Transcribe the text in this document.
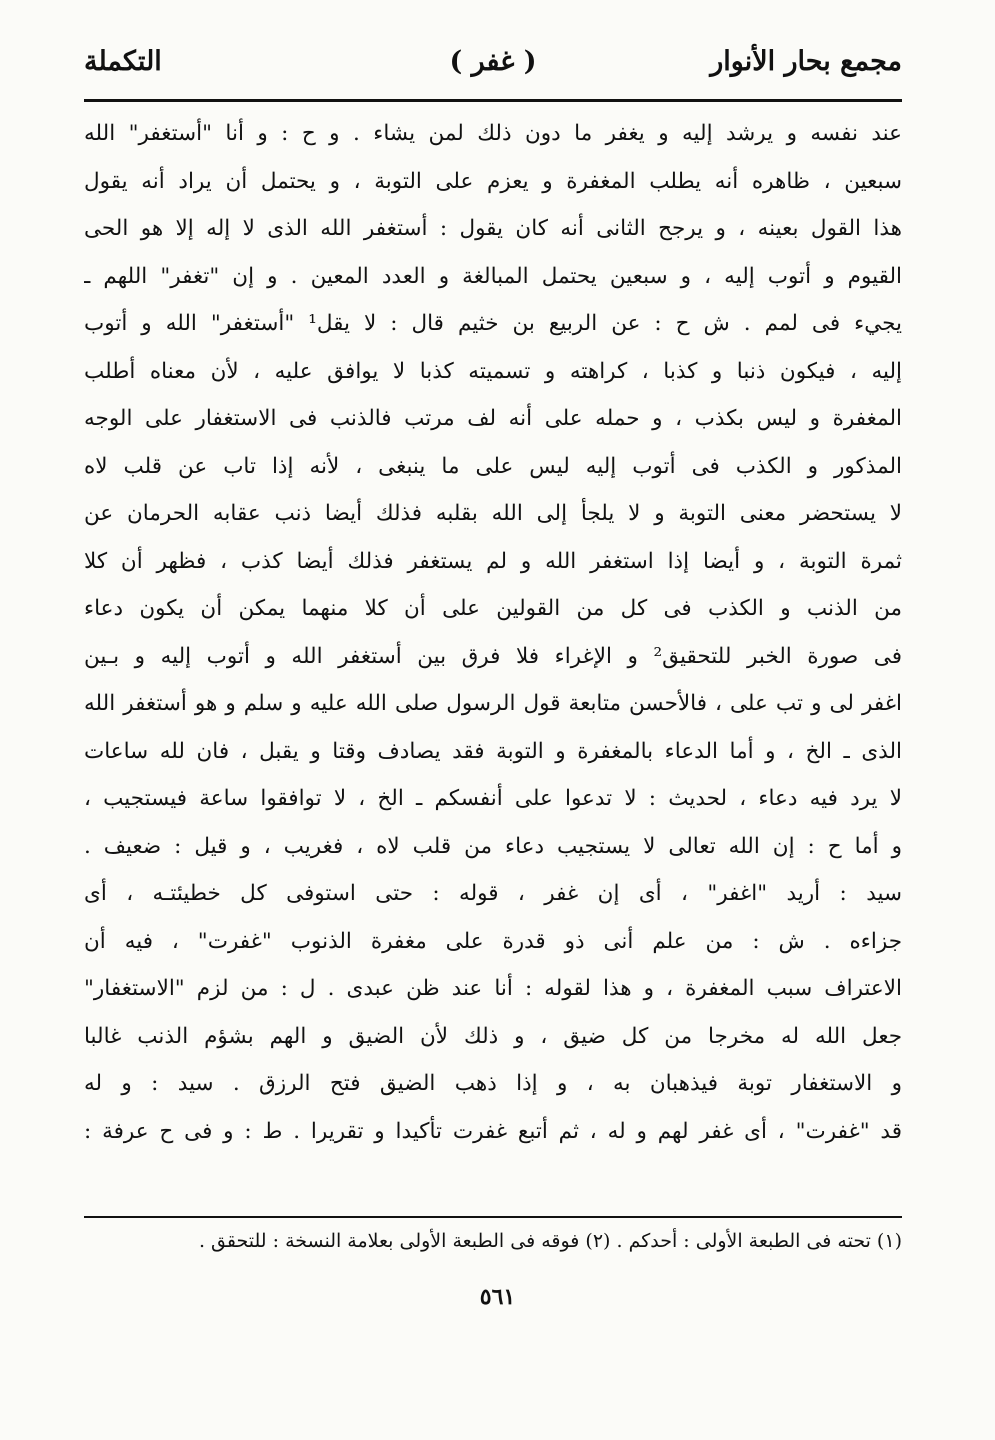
مجمع بحار الأنوار
( غفر )
التكملة
عند نفسه و يرشد إليه و يغفر ما دون ذلك لمن يشاء . و ح : و أنا "أستغفر" الله
سبعين ، ظاهره أنه يطلب المغفرة و يعزم على التوبة ، و يحتمل أن يراد أنه يقول
هذا القول بعينه ، و يرجح الثانى أنه كان يقول : أستغفر الله الذى لا إله إلا هو الحى
القيوم و أتوب إليه ، و سبعين يحتمل المبالغة و العدد المعين . و إن "تغفر" اللهم ـ
يجيء فى لمم . ش ح : عن الربيع بن خثيم قال : لا يقل¹ "أستغفر" الله و أتوب
إليه ، فيكون ذنبا و كذبا ، كراهته و تسميته كذبا لا يوافق عليه ، لأن معناه أطلب
المغفرة و ليس بكذب ، و حمله على أنه لف مرتب فالذنب فى الاستغفار على الوجه
المذكور و الكذب فى أتوب إليه ليس على ما ينبغى ، لأنه إذا تاب عن قلب لاه
لا يستحضر معنى التوبة و لا يلجأ إلى الله بقلبه فذلك أيضا ذنب عقابه الحرمان عن
ثمرة التوبة ، و أيضا إذا استغفر الله و لم يستغفر فذلك أيضا كذب ، فظهر أن كلا
من الذنب و الكذب فى كل من القولين على أن كلا منهما يمكن أن يكون دعاء
فى صورة الخبر للتحقيق² و الإغراء فلا فرق بين أستغفر الله و أتوب إليه و بـين
اغفر لى و تب على ، فالأحسن متابعة قول الرسول صلى الله عليه و سلم و هو أستغفر الله
الذى ـ الخ ، و أما الدعاء بالمغفرة و التوبة فقد يصادف وقتا و يقبل ، فان لله ساعات
لا يرد فيه دعاء ، لحديث : لا تدعوا على أنفسكم ـ الخ ، لا توافقوا ساعة فيستجيب ،
و أما ح : إن الله تعالى لا يستجيب دعاء من قلب لاه ، فغريب ، و قيل : ضعيف .
سيد : أريد "اغفر" ، أى إن غفر ، قوله : حتى استوفى كل خطيئتـه ، أى
جزاءه . ش : من علم أنى ذو قدرة على مغفرة الذنوب "غفرت" ، فيه أن
الاعتراف سبب المغفرة ، و هذا لقوله : أنا عند ظن عبدى . ل : من لزم "الاستغفار"
جعل الله له مخرجا من كل ضيق ، و ذلك لأن الضيق و الهم بشؤم الذنب غالبا
و الاستغفار توبة فيذهبان به ، و إذا ذهب الضيق فتح الرزق . سيد : و له
قد "غفرت" ، أى غفر لهم و له ، ثم أتبع غفرت تأكيدا و تقريرا . ط : و فى ح عرفة :
(١) تحته فى الطبعة الأولى : أحدكم . (٢) فوقه فى الطبعة الأولى بعلامة النسخة : للتحقق .
٥٦١
